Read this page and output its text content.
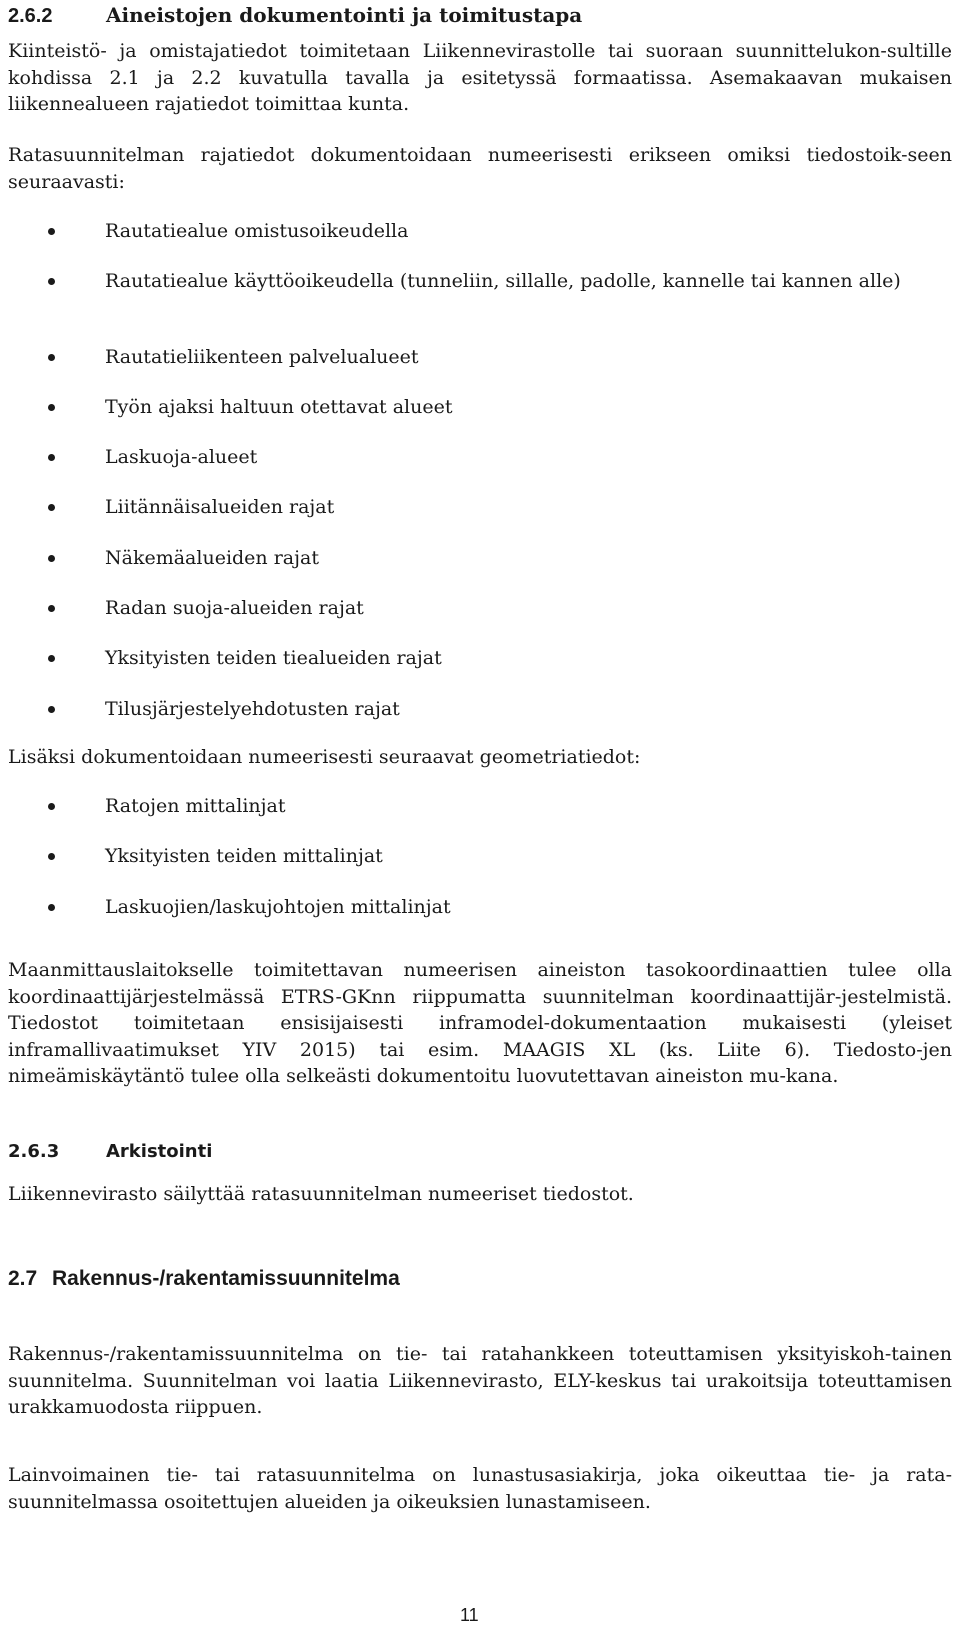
2.6.2	Aineistojen dokumentointi ja toimitustapa

Kiinteistö- ja omistajatiedot toimitetaan Liikennevirastolle tai suoraan suunnittelukon-sultille kohdissa 2.1 ja 2.2 kuvatulla tavalla ja esitetyssä formaatissa. Asemakaavan mukaisen liikennealueen rajatiedot toimittaa kunta.

Ratasuunnitelman rajatiedot dokumentoidaan numeerisesti erikseen omiksi tiedostoik-seen seuraavasti:

Rautatiealue omistusoikeudella
Rautatiealue käyttöoikeudella (tunneliin, sillalle, padolle, kannelle tai kannen alle)
Rautatieliikenteen palvelualueet
Työn ajaksi haltuun otettavat alueet
Laskuoja-alueet
Liitännäisalueiden rajat
Näkemäalueiden rajat
Radan suoja-alueiden rajat
Yksityisten teiden tiealueiden rajat
Tilusjärjestelyehdotusten rajat

Lisäksi dokumentoidaan numeerisesti seuraavat geometriatiedot:

Ratojen mittalinjat
Yksityisten teiden mittalinjat
Laskuojien/laskujohtojen mittalinjat

Maanmittauslaitokselle toimitettavan numeerisen aineiston tasokoordinaattien tulee olla koordinaattijärjestelmässä ETRS-GKnn riippumatta suunnitelman koordinaattijär-jestelmistä. Tiedostot toimitetaan ensisijaisesti inframodel-dokumentaation mukaisesti (yleiset inframallivaatimukset YIV 2015) tai esim. MAAGIS XL (ks. Liite 6). Tiedosto-jen nimeämiskäytäntö tulee olla selkeästi dokumentoitu luovutettavan aineiston mu-kana.

2.6.3	Arkistointi

Liikennevirasto säilyttää ratasuunnitelman numeeriset tiedostot.

2.7 Rakennus-/rakentamissuunnitelma

Rakennus-/rakentamissuunnitelma on tie- tai ratahankkeen toteuttamisen yksityiskoh-tainen suunnitelma. Suunnitelman voi laatia Liikennevirasto, ELY-keskus tai urakoitsija toteuttamisen urakkamuodosta riippuen.

Lainvoimainen tie- tai ratasuunnitelma on lunastusasiakirja, joka oikeuttaa tie- ja rata-suunnitelmassa osoitettujen alueiden ja oikeuksien lunastamiseen.

11
